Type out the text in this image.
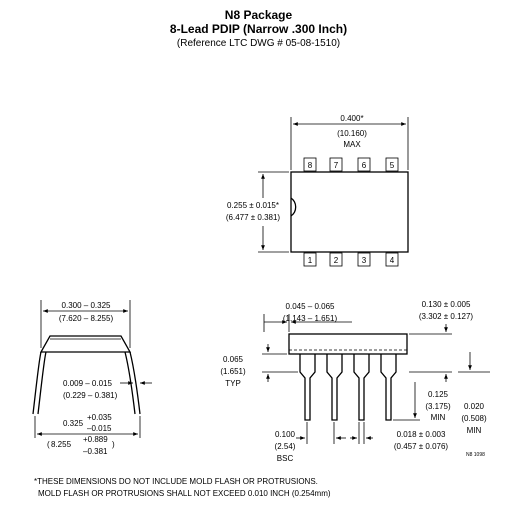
N8 Package
8-Lead PDIP (Narrow .300 Inch)
(Reference LTC DWG # 05-08-1510)
8	7	6	5
1	2	3	4
0.400*
(10.160)
MAX
0.255 ± 0.015*
(6.477 ± 0.381)
0.300 – 0.325
(7.620 – 8.255)
0.009 – 0.015
(0.229 – 0.381)
0.325
+0.035
–0.015
( 8.255
+0.889
–0.381
)
0.045 – 0.065
(1.143 – 1.651)
0.130 ± 0.005
(3.302 ± 0.127)
0.065
(1.651)
TYP
0.125
(3.175)
MIN
0.020
(0.508)
MIN
0.100
(2.54)
BSC
0.018 ± 0.003
(0.457 ± 0.076)
N8 1098
*THESE DIMENSIONS DO NOT INCLUDE MOLD FLASH OR PROTRUSIONS.
MOLD FLASH OR PROTRUSIONS SHALL NOT EXCEED 0.010 INCH (0.254mm)
